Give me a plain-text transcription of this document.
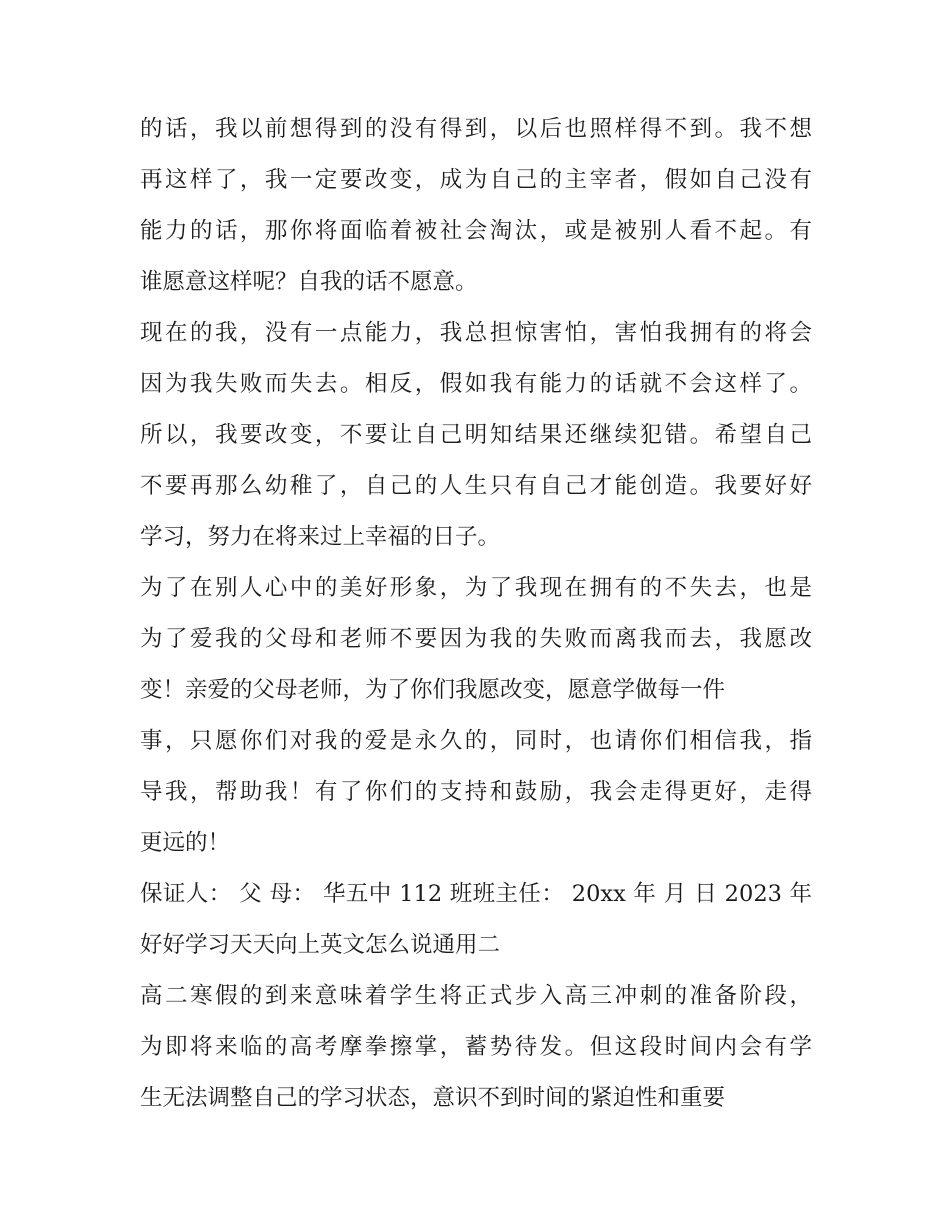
的话，我以前想得到的没有得到，以后也照样得不到。我不想
再这样了，我一定要改变，成为自己的主宰者，假如自己没有
能力的话，那你将面临着被社会淘汰，或是被别人看不起。有
谁愿意这样呢？自我的话不愿意。
现在的我，没有一点能力，我总担惊害怕，害怕我拥有的将会
因为我失败而失去。相反，假如我有能力的话就不会这样了。
所以，我要改变，不要让自己明知结果还继续犯错。希望自己
不要再那么幼稚了，自己的人生只有自己才能创造。我要好好
学习，努力在将来过上幸福的日子。
为了在别人心中的美好形象，为了我现在拥有的不失去，也是
为了爱我的父母和老师不要因为我的失败而离我而去，我愿改
变！亲爱的父母老师，为了你们我愿改变，愿意学做每一件
事，只愿你们对我的爱是永久的，同时，也请你们相信我，指
导我，帮助我！有了你们的支持和鼓励，我会走得更好，走得
更远的！
保证人： 父 母： 华五中 112 班班主任： 20xx 年 月 日 2023 年
好好学习天天向上英文怎么说通用二
高二寒假的到来意味着学生将正式步入高三冲刺的准备阶段，
为即将来临的高考摩拳擦掌，蓄势待发。但这段时间内会有学
生无法调整自己的学习状态，意识不到时间的紧迫性和重要
